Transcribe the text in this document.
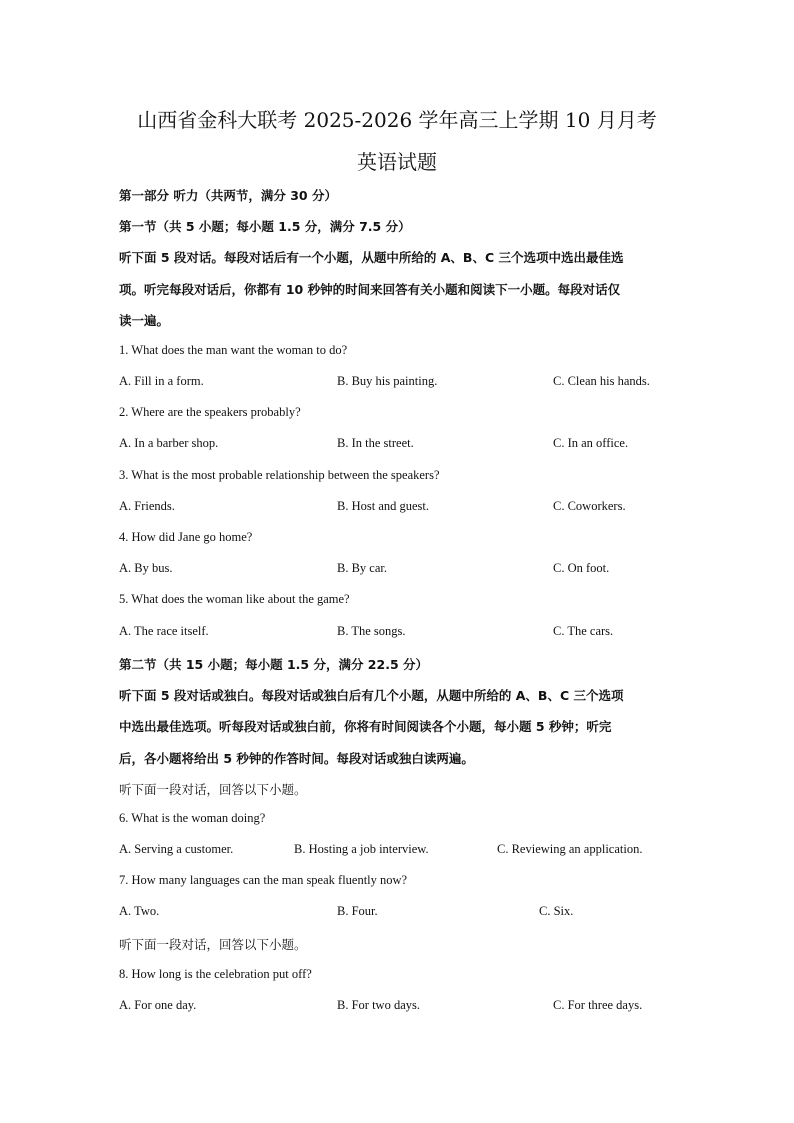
山西省金科大联考 2025-2026 学年高三上学期 10 月月考
英语试题
第一部分 听力（共两节，满分 30 分）
第一节（共 5 小题；每小题 1.5 分，满分 7.5 分）
听下面 5 段对话。每段对话后有一个小题，从题中所给的 A、B、C 三个选项中选出最佳选
项。听完每段对话后，你都有 10 秒钟的时间来回答有关小题和阅读下一小题。每段对话仅
读一遍。
1. What does the man want the woman to do?
A. Fill in a form.	B. Buy his painting.	C. Clean his hands.
2. Where are the speakers probably?
A. In a barber shop.	B. In the street.	C. In an office.
3. What is the most probable relationship between the speakers?
A. Friends.	B. Host and guest.	C. Coworkers.
4. How did Jane go home?
A. By bus.	B. By car.	C. On foot.
5. What does the woman like about the game?
A. The race itself.	B. The songs.	C. The cars.
第二节（共 15 小题；每小题 1.5 分，满分 22.5 分）
听下面 5 段对话或独白。每段对话或独白后有几个小题，从题中所给的 A、B、C 三个选项
中选出最佳选项。听每段对话或独白前，你将有时间阅读各个小题，每小题 5 秒钟；听完
后，各小题将给出 5 秒钟的作答时间。每段对话或独白读两遍。
听下面一段对话，回答以下小题。
6. What is the woman doing?
A. Serving a customer.	B. Hosting a job interview.	C. Reviewing an application.
7. How many languages can the man speak fluently now?
A. Two.	B. Four.	C. Six.
听下面一段对话，回答以下小题。
8. How long is the celebration put off?
A. For one day.	B. For two days.	C. For three days.
